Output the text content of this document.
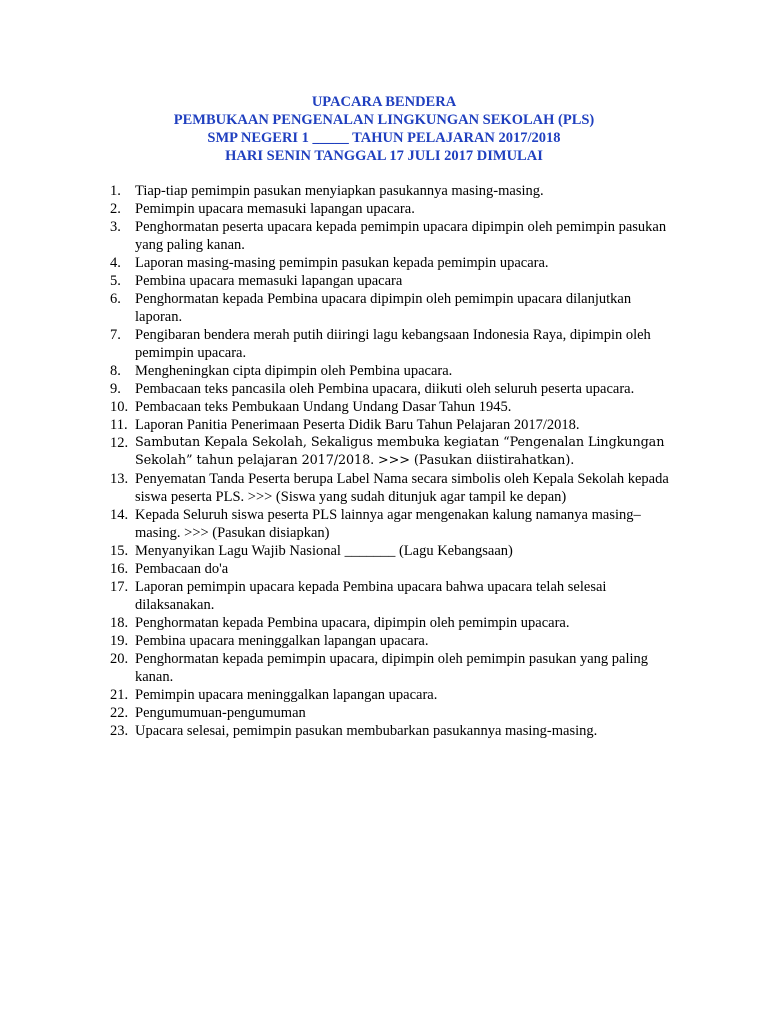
UPACARA BENDERA
PEMBUKAAN PENGENALAN LINGKUNGAN SEKOLAH (PLS)
SMP NEGERI 1 _____ TAHUN PELAJARAN 2017/2018
HARI SENIN TANGGAL 17 JULI 2017 DIMULAI
1. Tiap-tiap pemimpin pasukan menyiapkan pasukannya masing-masing.
2. Pemimpin upacara memasuki lapangan upacara.
3. Penghormatan peserta upacara kepada pemimpin upacara dipimpin oleh pemimpin pasukan yang paling kanan.
4. Laporan masing-masing pemimpin pasukan kepada pemimpin upacara.
5. Pembina upacara memasuki lapangan upacara
6. Penghormatan kepada Pembina upacara dipimpin oleh pemimpin upacara dilanjutkan laporan.
7. Pengibaran bendera merah putih diiringi lagu kebangsaan Indonesia Raya, dipimpin oleh pemimpin upacara.
8. Mengheningkan cipta dipimpin oleh Pembina upacara.
9. Pembacaan teks pancasila oleh Pembina upacara, diikuti oleh seluruh peserta upacara.
10. Pembacaan teks Pembukaan Undang Undang Dasar Tahun 1945.
11. Laporan Panitia Penerimaan Peserta Didik Baru Tahun Pelajaran 2017/2018.
12. Sambutan Kepala Sekolah, Sekaligus membuka kegiatan “Pengenalan Lingkungan Sekolah” tahun pelajaran 2017/2018. >>> (Pasukan diistirahatkan).
13. Penyematan Tanda Peserta berupa Label Nama secara simbolis oleh Kepala Sekolah kepada siswa peserta PLS. >>> (Siswa yang sudah ditunjuk agar tampil ke depan)
14. Kepada Seluruh siswa peserta PLS lainnya agar mengenakan kalung namanya masing–masing. >>> (Pasukan disiapkan)
15. Menyanyikan Lagu Wajib Nasional _______ (Lagu Kebangsaan)
16. Pembacaan do'a
17. Laporan pemimpin upacara kepada Pembina upacara bahwa upacara telah selesai dilaksanakan.
18. Penghormatan kepada Pembina upacara, dipimpin oleh pemimpin upacara.
19. Pembina upacara meninggalkan lapangan upacara.
20. Penghormatan kepada pemimpin upacara, dipimpin oleh pemimpin pasukan yang paling kanan.
21. Pemimpin upacara meninggalkan lapangan upacara.
22. Pengumumuan-pengumuman
23. Upacara selesai, pemimpin pasukan membubarkan pasukannya masing-masing.
